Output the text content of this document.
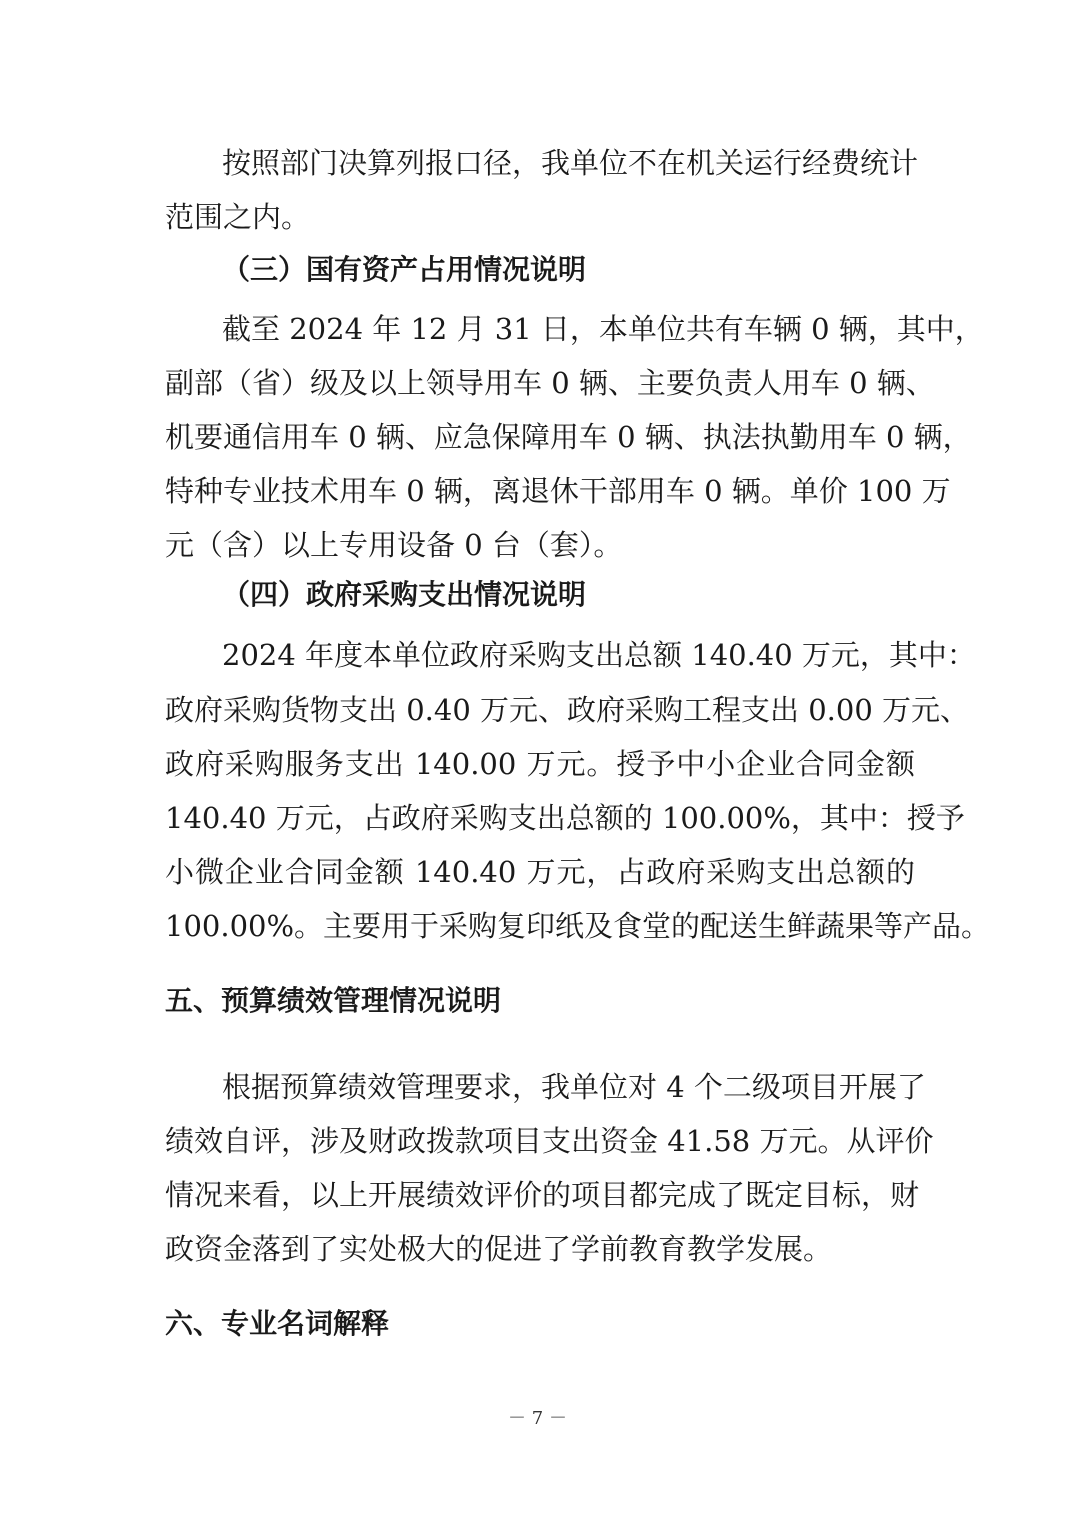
按照部门决算列报口径，我单位不在机关运行经费统计
范围之内。
（三）国有资产占用情况说明
截至 2024 年 12 月 31 日，本单位共有车辆 0 辆，其中，
副部（省）级及以上领导用车 0 辆、主要负责人用车 0 辆、
机要通信用车 0 辆、应急保障用车 0 辆、执法执勤用车 0 辆，
特种专业技术用车 0 辆，离退休干部用车 0 辆。单价 100 万
元（含）以上专用设备 0 台（套）。
（四）政府采购支出情况说明
2024 年度本单位政府采购支出总额 140.40 万元，其中：
政府采购货物支出 0.40 万元、政府采购工程支出 0.00 万元、
政府采购服务支出 140.00 万元。授予中小企业合同金额
140.40 万元，占政府采购支出总额的 100.00%，其中：授予
小微企业合同金额 140.40 万元，占政府采购支出总额的
100.00%。主要用于采购复印纸及食堂的配送生鲜蔬果等产品。
五、预算绩效管理情况说明
根据预算绩效管理要求，我单位对 4 个二级项目开展了
绩效自评，涉及财政拨款项目支出资金 41.58 万元。从评价
情况来看，以上开展绩效评价的项目都完成了既定目标，财
政资金落到了实处极大的促进了学前教育教学发展。
六、专业名词解释
－ 7 －
